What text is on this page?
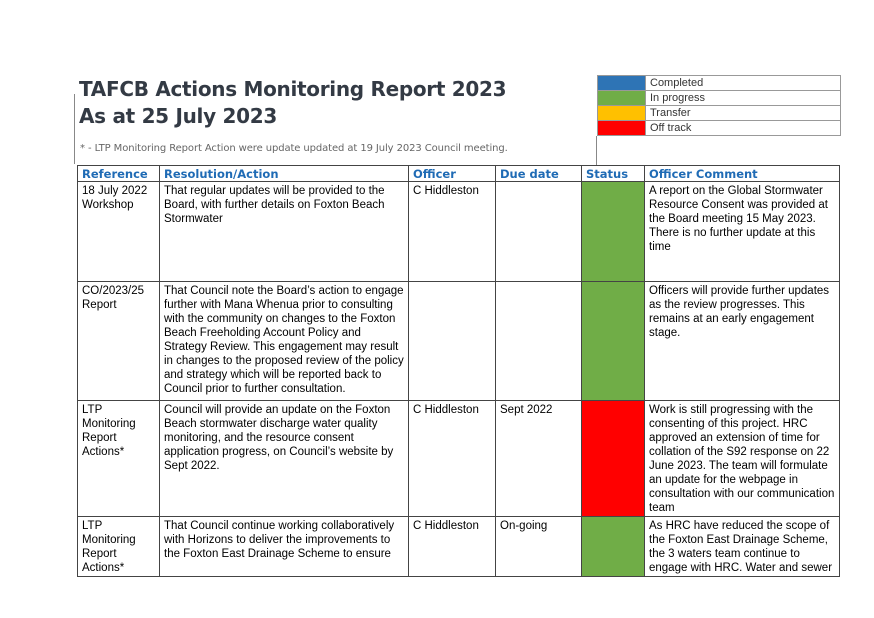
TAFCB Actions Monitoring Report 2023
As at 25 July 2023
* - LTP Monitoring Report Action were update updated at 19 July 2023 Council meeting.
	Completed
	In progress
	Transfer
	Off track
Reference	Resolution/Action	Officer	Due date	Status	Officer Comment
18 July 2022 Workshop	That regular updates will be provided to the Board, with further details on Foxton Beach Stormwater	C Hiddleston			A report on the Global Stormwater Resource Consent was provided at the Board meeting 15 May 2023. There is no further update at this time
CO/2023/25 Report	That Council note the Board’s action to engage further with Mana Whenua prior to consulting with the community on changes to the Foxton Beach Freeholding Account Policy and Strategy Review. This engagement may result in changes to the proposed review of the policy and strategy which will be reported back to Council prior to further consultation.				Officers will provide further updates as the review progresses. This remains at an early engagement stage.
LTP Monitoring Report Actions*	Council will provide an update on the Foxton Beach stormwater discharge water quality monitoring, and the resource consent application progress, on Council’s website by Sept 2022.	C Hiddleston	Sept 2022		Work is still progressing with the consenting of this project. HRC approved an extension of time for collation of the S92 response on 22 June 2023. The team will formulate an update for the webpage in consultation with our communication team
LTP Monitoring Report Actions*	That Council continue working collaboratively with Horizons to deliver the improvements to the Foxton East Drainage Scheme to ensure	C Hiddleston	On-going		As HRC have reduced the scope of the Foxton East Drainage Scheme, the 3 waters team continue to engage with HRC. Water and sewer
